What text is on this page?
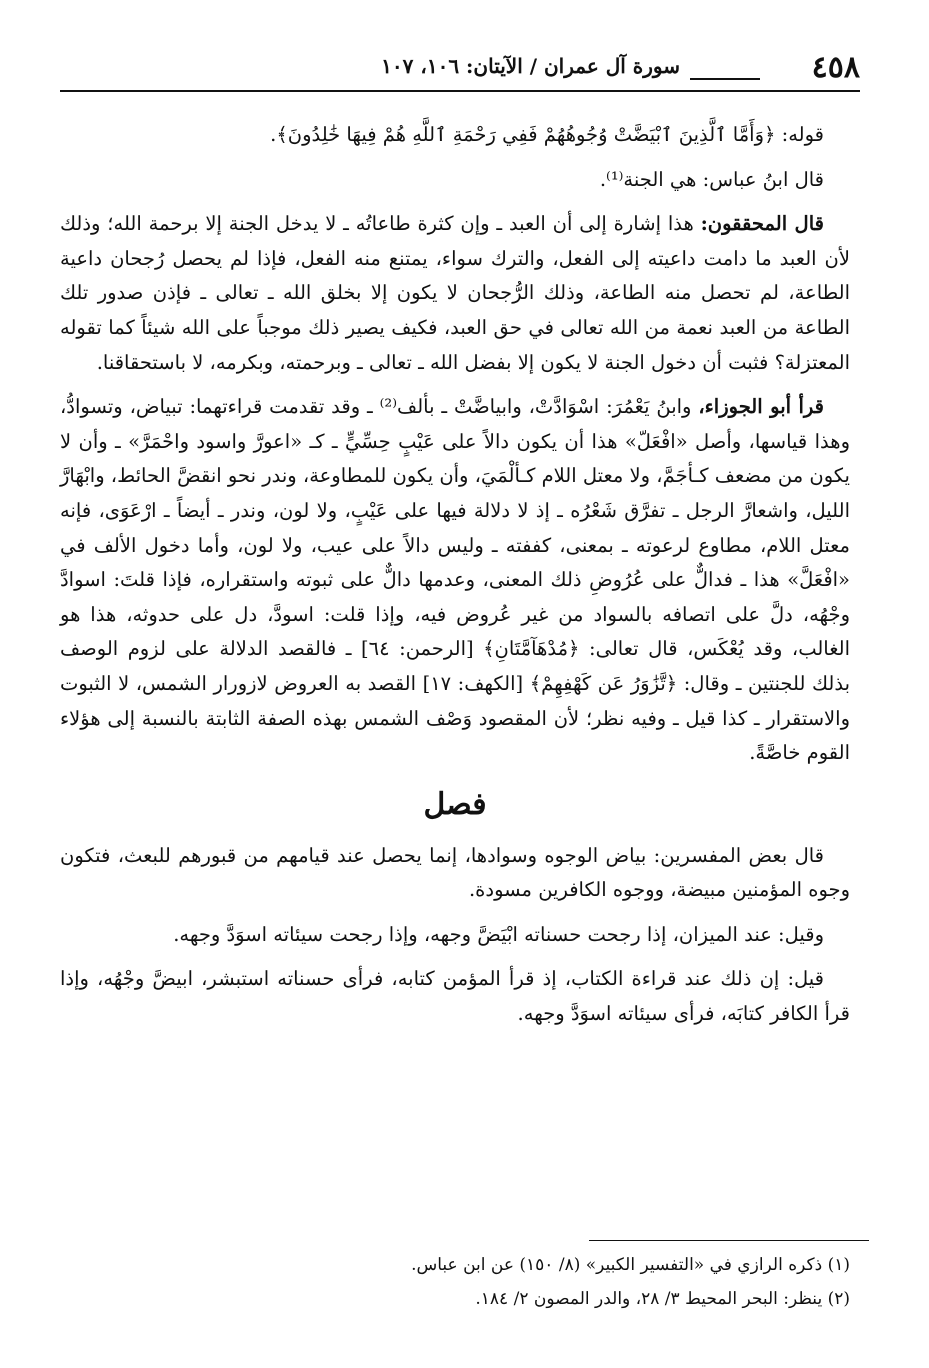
٤٥٨
سورة آل عمران / الآيتان: ١٠٦، ١٠٧

قوله: ﴿وَأَمَّا ٱلَّذِينَ ٱبْيَضَّتْ وُجُوهُهُمْ فَفِي رَحْمَةِ ٱللَّهِ هُمْ فِيهَا خَٰلِدُونَ﴾.

قال ابنُ عباس: هي الجنة⁽¹⁾.

قال المحققون: هذا إشارة إلى أن العبد ـ وإن كثرة طاعاتُه ـ لا يدخل الجنة إلا برحمة الله؛ وذلك لأن العبد ما دامت داعيته إلى الفعل، والترك سواء، يمتنع منه الفعل، فإذا لم يحصل رُجحان داعية الطاعة، لم تحصل منه الطاعة، وذلك الرُّجحان لا يكون إلا بخلق الله ـ تعالى ـ فإذن صدور تلك الطاعة من العبد نعمة من الله تعالى في حق العبد، فكيف يصير ذلك موجباً على الله شيئاً كما تقوله المعتزلة؟ فثبت أن دخول الجنة لا يكون إلا بفضل الله ـ تعالى ـ وبرحمته، وبكرمه، لا باستحقاقنا.

قرأ أبو الجوزاء، وابنُ يَعْمُرَ: اسْوَادَّتْ، وابياضَّتْ ـ بألف⁽²⁾ ـ وقد تقدمت قراءتهما: تبياض، وتسوادُّ، وهذا قياسها، وأصل «افْعَلّ» هذا أن يكون دالاً على عَيْبٍ حِسِّيٍّ ـ كـ «اعورَّ واسود واحْمَرَّ» ـ وأن لا يكون من مضعف كـأجَمَّ، ولا معتل اللام كـألْمَيَ، وأن يكون للمطاوعة، وندر نحو انقضَّ الحائط، وابْهَارَّ الليل، واشعارَّ الرجل ـ تفرَّق شَعْرُه ـ إذ لا دلالة فيها على عَيْبٍ، ولا لون، وندر ـ أيضاً ـ ارْعَوَى، فإنه معتل اللام، مطاوع لرعوته ـ بمعنى، كففته ـ وليس دالاً على عيب، ولا لون، وأما دخول الألف في «افْعَلَّ» هذا ـ فدالٌّ على عُرُوضِ ذلك المعنى، وعدمها دالٌّ على ثبوته واستقراره، فإذا قلتَ: اسوادَّ وجْهُه، دلَّ على اتصافه بالسواد من غير عُروض فيه، وإذا قلت: اسودَّ، دل على حدوثه، هذا هو الغالب، وقد يُعْكَس، قال تعالى: ﴿مُدْهَآمَّتَانِ﴾ [الرحمن: ٦٤] ـ فالقصد الدلالة على لزوم الوصف بذلك للجنتين ـ وقال: ﴿تَّزَٰوَرُ عَن كَهْفِهِمْ﴾ [الكهف: ١٧] القصد به العروض لازورار الشمس، لا الثبوت والاستقرار ـ كذا قيل ـ وفيه نظر؛ لأن المقصود وَصْف الشمس بهذه الصفة الثابتة بالنسبة إلى هؤلاء القوم خاصَّةً.

فصل

قال بعض المفسرين: بياض الوجوه وسوادها، إنما يحصل عند قيامهم من قبورهم للبعث، فتكون وجوه المؤمنين مبيضة، ووجوه الكافرين مسودة.

وقيل: عند الميزان، إذا رجحت حسناته ابْيَضَّ وجهه، وإذا رجحت سيئاته اسوَدَّ وجهه.

قيل: إن ذلك عند قراءة الكتاب، إذ قرأ المؤمن كتابه، فرأى حسناته استبشر، ابيضَّ وجْهُه، وإذا قرأ الكافر كتابَه، فرأى سيئاته اسوَدَّ وجهه.

(١) ذكره الرازي في «التفسير الكبير» (٨/ ١٥٠) عن ابن عباس.

(٢) ينظر: البحر المحيط ٣/ ٢٨، والدر المصون ٢/ ١٨٤.
